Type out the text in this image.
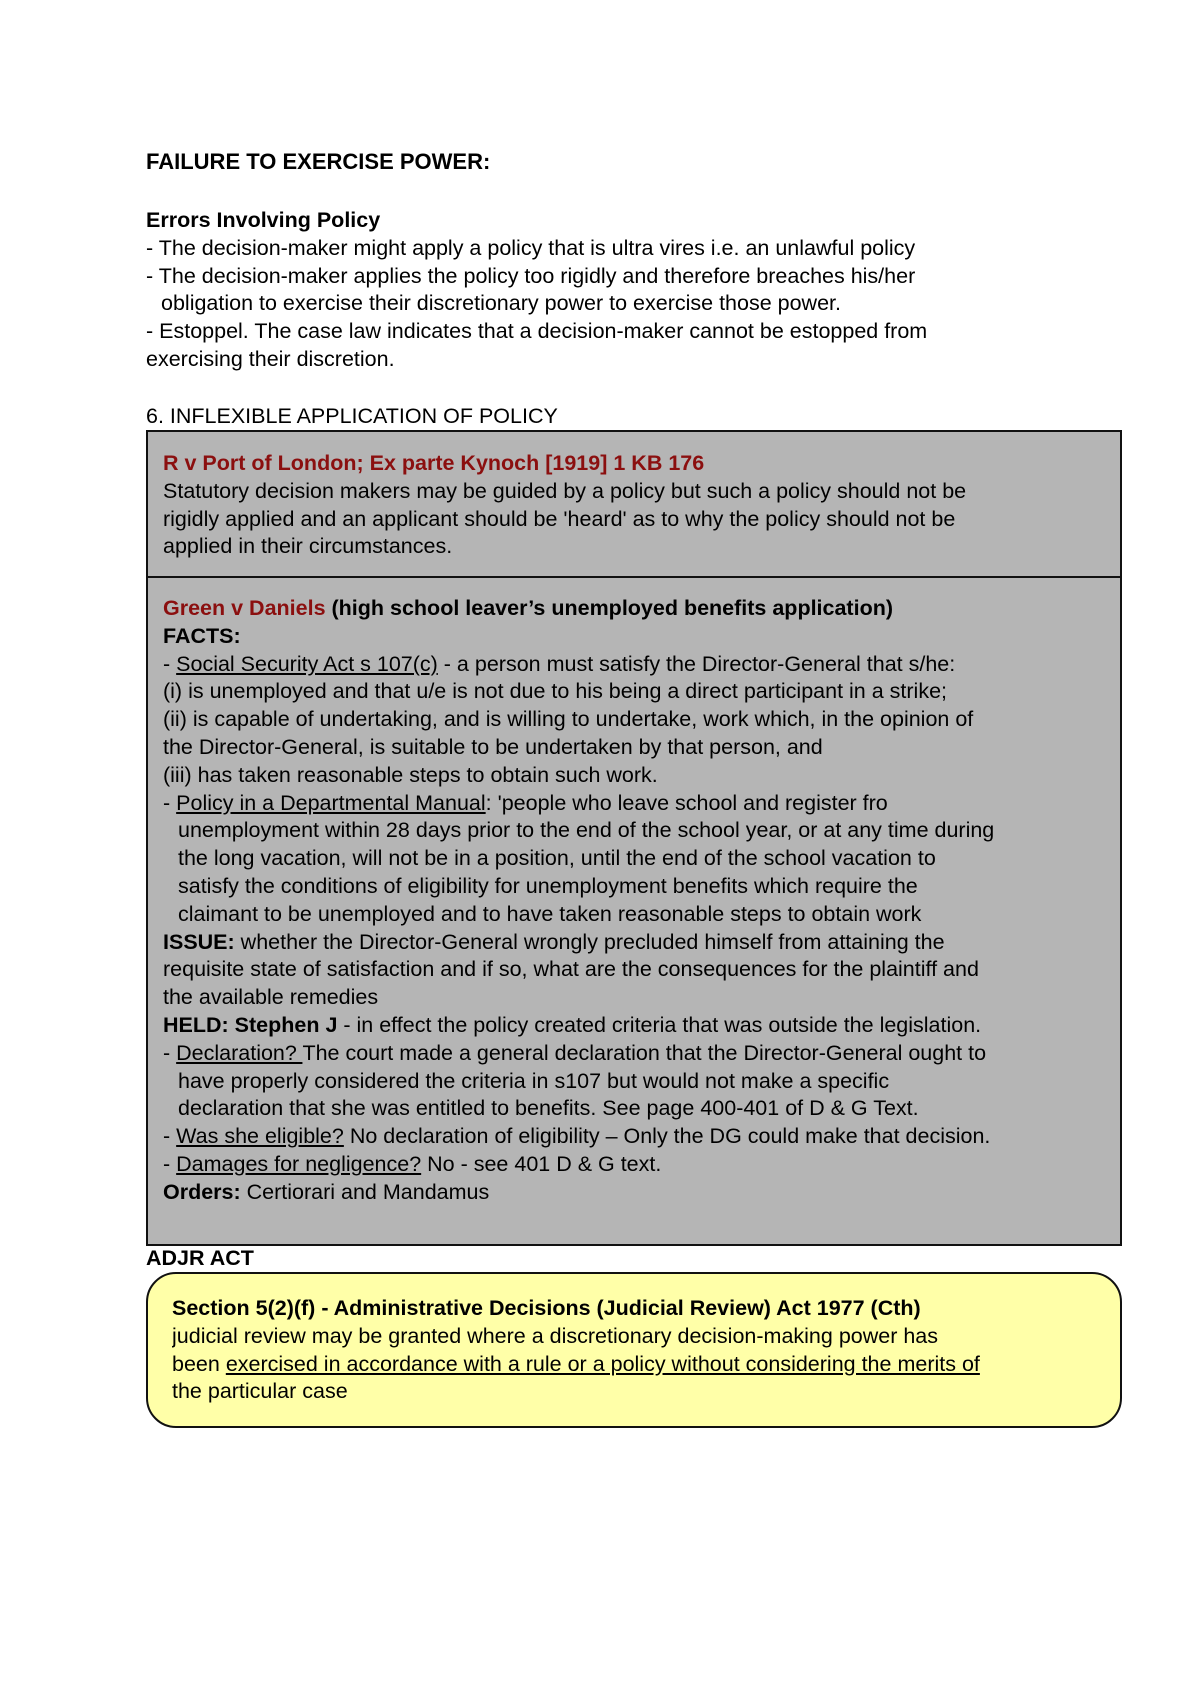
FAILURE TO EXERCISE POWER:
Errors Involving Policy
- The decision-maker might apply a policy that is ultra vires i.e. an unlawful policy
- The decision-maker applies the policy too rigidly and therefore breaches his/her
obligation to exercise their discretionary power to exercise those power.
- Estoppel. The case law indicates that a decision-maker cannot be estopped from
exercising their discretion.
6. INFLEXIBLE APPLICATION OF POLICY
R v Port of London; Ex parte Kynoch [1919] 1 KB 176
Statutory decision makers may be guided by a policy but such a policy should not be
rigidly applied and an applicant should be 'heard' as to why the policy should not be
applied in their circumstances.
Green v Daniels (high school leaver’s unemployed benefits application)
FACTS:
- Social Security Act s 107(c) - a person must satisfy the Director-General that s/he:
(i) is unemployed and that u/e is not due to his being a direct participant in a strike;
(ii) is capable of undertaking, and is willing to undertake, work which, in the opinion of
the Director-General, is suitable to be undertaken by that person, and
(iii) has taken reasonable steps to obtain such work.
- Policy in a Departmental Manual: 'people who leave school and register fro
unemployment within 28 days prior to the end of the school year, or at any time during
the long vacation, will not be in a position, until the end of the school vacation to
satisfy the conditions of eligibility for unemployment benefits which require the
claimant to be unemployed and to have taken reasonable steps to obtain work
ISSUE: whether the Director-General wrongly precluded himself from attaining the
requisite state of satisfaction and if so, what are the consequences for the plaintiff and
the available remedies
HELD: Stephen J - in effect the policy created criteria that was outside the legislation.
- Declaration? The court made a general declaration that the Director-General ought to
have properly considered the criteria in s107 but would not make a specific
declaration that she was entitled to benefits. See page 400-401 of D & G Text.
- Was she eligible? No declaration of eligibility – Only the DG could make that decision.
- Damages for negligence? No - see 401 D & G text.
Orders: Certiorari and Mandamus
ADJR ACT
Section 5(2)(f) - Administrative Decisions (Judicial Review) Act 1977 (Cth)
judicial review may be granted where a discretionary decision-making power has
been exercised in accordance with a rule or a policy without considering the merits of
the particular case
